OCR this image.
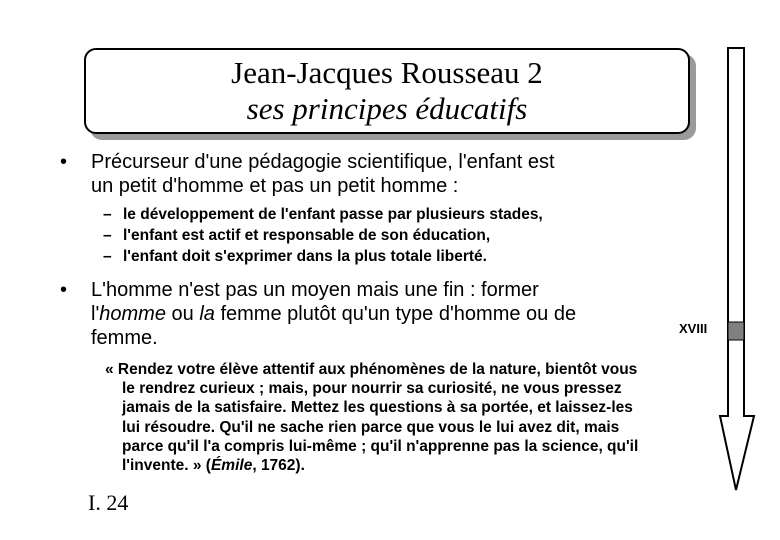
Jean-Jacques Rousseau 2
ses principes éducatifs
• Précurseur d'une pédagogie scientifique, l'enfant est
un petit d'homme et pas un petit homme :
– le développement de l'enfant passe par plusieurs stades,
– l'enfant est actif et responsable de son éducation,
– l'enfant doit s'exprimer dans la plus totale liberté.
• L'homme n'est pas un moyen mais une fin : former
l'homme ou la femme plutôt qu'un type d'homme ou de
femme.
« Rendez votre élève attentif aux phénomènes de la nature, bientôt vous
le rendrez curieux ; mais, pour nourrir sa curiosité, ne vous pressez
jamais de la satisfaire. Mettez les questions à sa portée, et laissez-les
lui résoudre. Qu'il ne sache rien parce que vous le lui avez dit, mais
parce qu'il l'a compris lui-même ; qu'il n'apprenne pas la science, qu'il
l'invente. » (Émile, 1762).
I. 24
XVIII
